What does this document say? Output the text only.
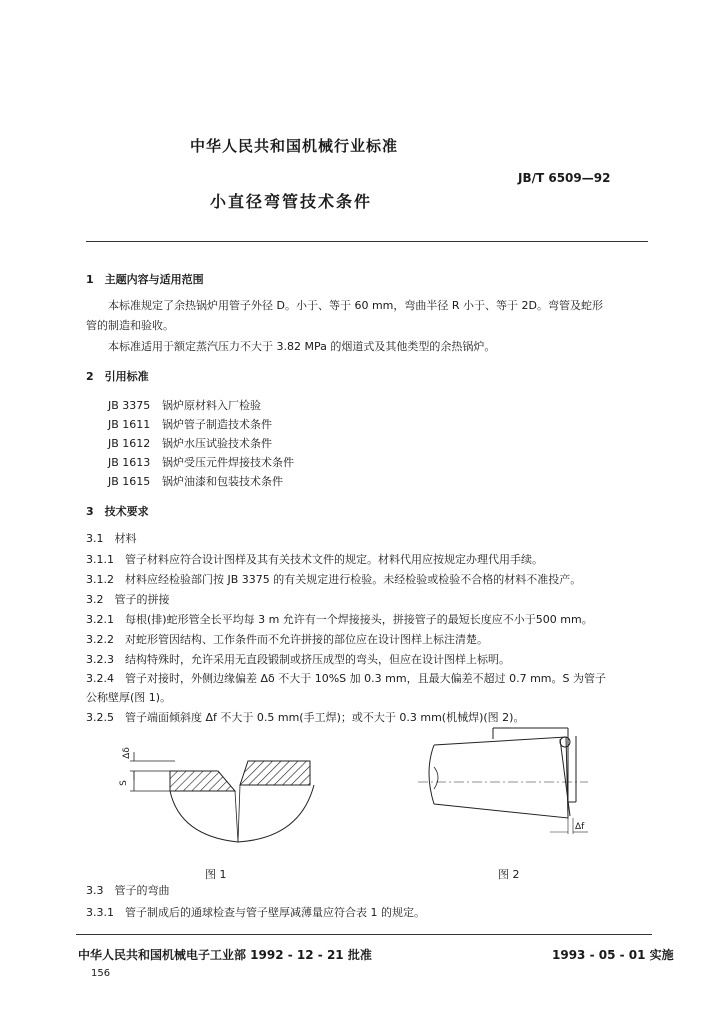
中华人民共和国机械行业标准
JB/T 6509—92
小直径弯管技术条件
1　主题内容与适用范围
本标准规定了余热锅炉用管子外径 D。小于、等于 60 mm，弯曲半径 R 小于、等于 2D。弯管及蛇形
管的制造和验收。
本标准适用于额定蒸汽压力不大于 3.82 MPa 的烟道式及其他类型的余热锅炉。
2　引用标准
JB 3375 锅炉原材料入厂检验
JB 1611 锅炉管子制造技术条件
JB 1612 锅炉水压试验技术条件
JB 1613 锅炉受压元件焊接技术条件
JB 1615 锅炉油漆和包装技术条件
3　技术要求
3.1　材料
3.1.1　管子材料应符合设计图样及其有关技术文件的规定。材料代用应按规定办理代用手续。
3.1.2　材料应经检验部门按 JB 3375 的有关规定进行检验。未经检验或检验不合格的材料不准投产。
3.2　管子的拼接
3.2.1　每根(排)蛇形管全长平均每 3 m 允许有一个焊接接头，拼接管子的最短长度应不小于500 mm。
3.2.2　对蛇形管因结构、工作条件而不允许拼接的部位应在设计图样上标注清楚。
3.2.3　结构特殊时，允许采用无直段锻制或挤压成型的弯头，但应在设计图样上标明。
3.2.4　管子对接时，外侧边缘偏差 Δδ 不大于 10%S 加 0.3 mm，且最大偏差不超过 0.7 mm。S 为管子
公称壁厚(图 1)。
3.2.5　管子端面倾斜度 Δf 不大于 0.5 mm(手工焊)；或不大于 0.3 mm(机械焊)(图 2)。
Δδ
S
Δf
图 1	图 2
3.3　管子的弯曲
3.3.1　管子制成后的通球检查与管子壁厚减薄量应符合表 1 的规定。
中华人民共和国机械电子工业部 1992 - 12 - 21 批准	1993 - 05 - 01 实施
156
